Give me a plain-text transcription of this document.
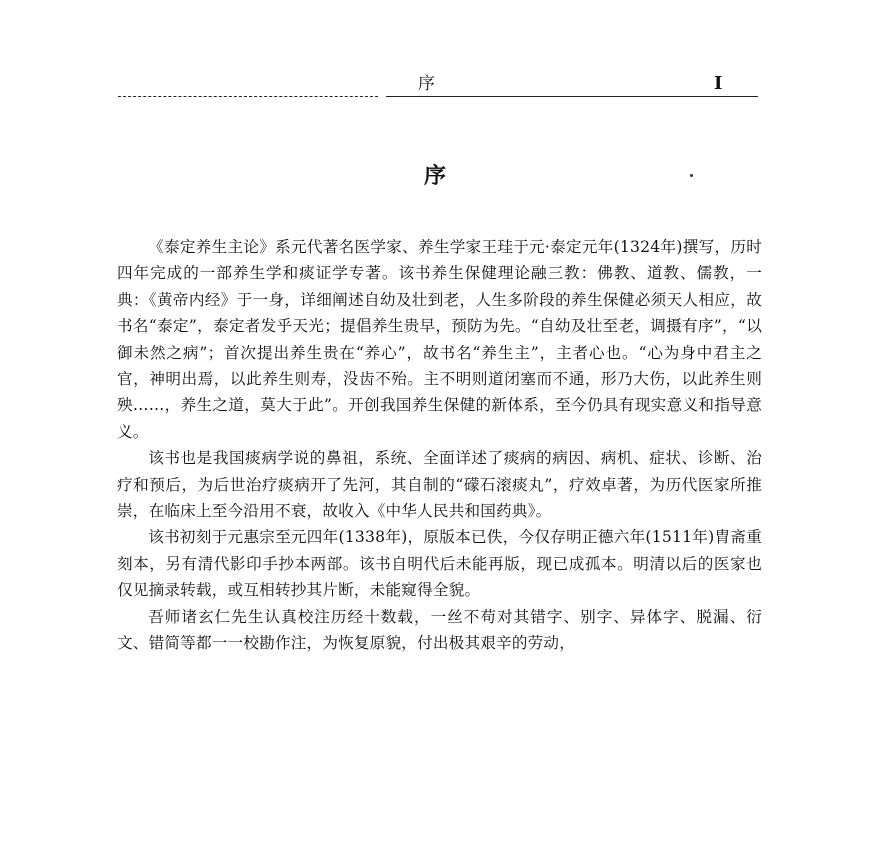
序	I
序

《泰定养生主论》系元代著名医学家、养生学家王珪于元·泰定元年(1324年)撰写，历时四年完成的一部养生学和痰证学专著。该书养生保健理论融三教：佛教、道教、儒教，一典：《黄帝内经》于一身，详细阐述自幼及壮到老，人生多阶段的养生保健必须天人相应，故书名“泰定”，泰定者发乎天光；提倡养生贵早，预防为先。“自幼及壮至老，调摄有序”，“以御未然之病”；首次提出养生贵在“养心”，故书名“养生主”，主者心也。“心为身中君主之官，神明出焉，以此养生则寿，没齿不殆。主不明则道闭塞而不通，形乃大伤，以此养生则殃……，养生之道，莫大于此”。开创我国养生保健的新体系，至今仍具有现实意义和指导意义。

该书也是我国痰病学说的鼻祖，系统、全面详述了痰病的病因、病机、症状、诊断、治疗和预后，为后世治疗痰病开了先河，其自制的“礞石滚痰丸”，疗效卓著，为历代医家所推崇，在临床上至今沿用不衰，故收入《中华人民共和国药典》。

该书初刻于元惠宗至元四年(1338年)，原版本已佚，今仅存明正德六年(1511年)胄斋重刻本，另有清代影印手抄本两部。该书自明代后未能再版，现已成孤本。明清以后的医家也仅见摘录转载，或互相转抄其片断，未能窥得全貌。

吾师诸玄仁先生认真校注历经十数载，一丝不苟对其错字、别字、异体字、脱漏、衍文、错简等都一一校勘作注，为恢复原貌，付出极其艰辛的劳动，
